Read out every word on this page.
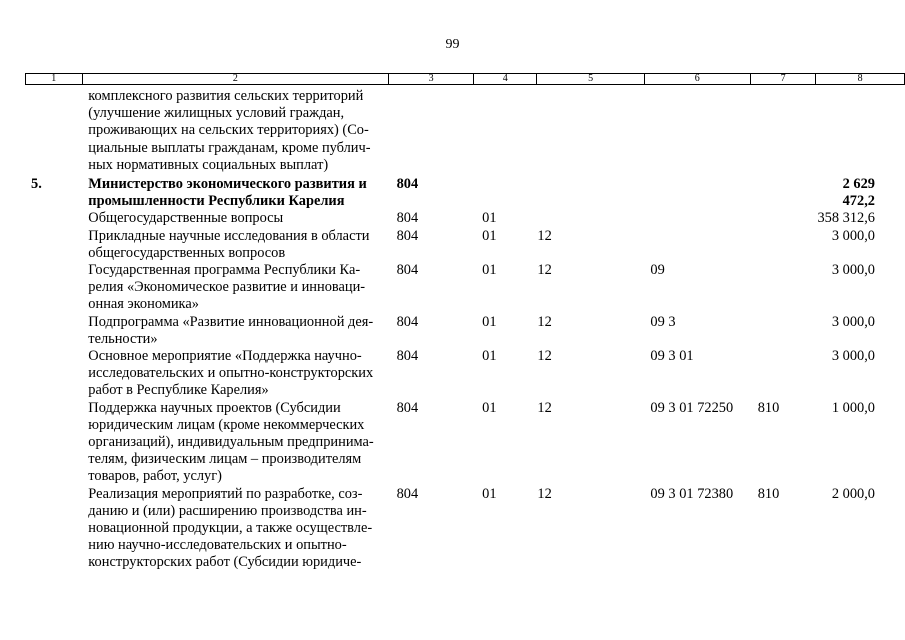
99
1	2	3	4	5	6	7	8
	комплексного развития сельских территорий
(улучшение жилищных условий граждан,
проживающих на сельских территориях) (Со-
циальные выплаты гражданам, кроме публич-
ных нормативных социальных выплат)						
5.	Министерство экономического развития и
промышленности Республики Карелия	804					2 629 472,2
	Общегосударственные вопросы	804	01				358 312,6
	Прикладные научные исследования в области
общегосударственных вопросов	804	01	12			3 000,0
	Государственная программа Республики Ка-
релия «Экономическое развитие и инноваци-
онная экономика»	804	01	12	09		3 000,0
	Подпрограмма «Развитие инновационной дея-
тельности»	804	01	12	09 3		3 000,0
	Основное мероприятие «Поддержка научно-
исследовательских и опытно-конструкторских
работ в Республике Карелия»	804	01	12	09 3 01		3 000,0
	Поддержка научных проектов (Субсидии
юридическим лицам (кроме некоммерческих
организаций), индивидуальным предпринима-
телям, физическим лицам – производителям
товаров, работ, услуг)	804	01	12	09 3 01 72250	810	1 000,0
	Реализация мероприятий по разработке, соз-
данию и (или) расширению производства ин-
новационной продукции, а также осуществле-
нию научно-исследовательских и опытно-
конструкторских работ (Субсидии юридиче-	804	01	12	09 3 01 72380	810	2 000,0
